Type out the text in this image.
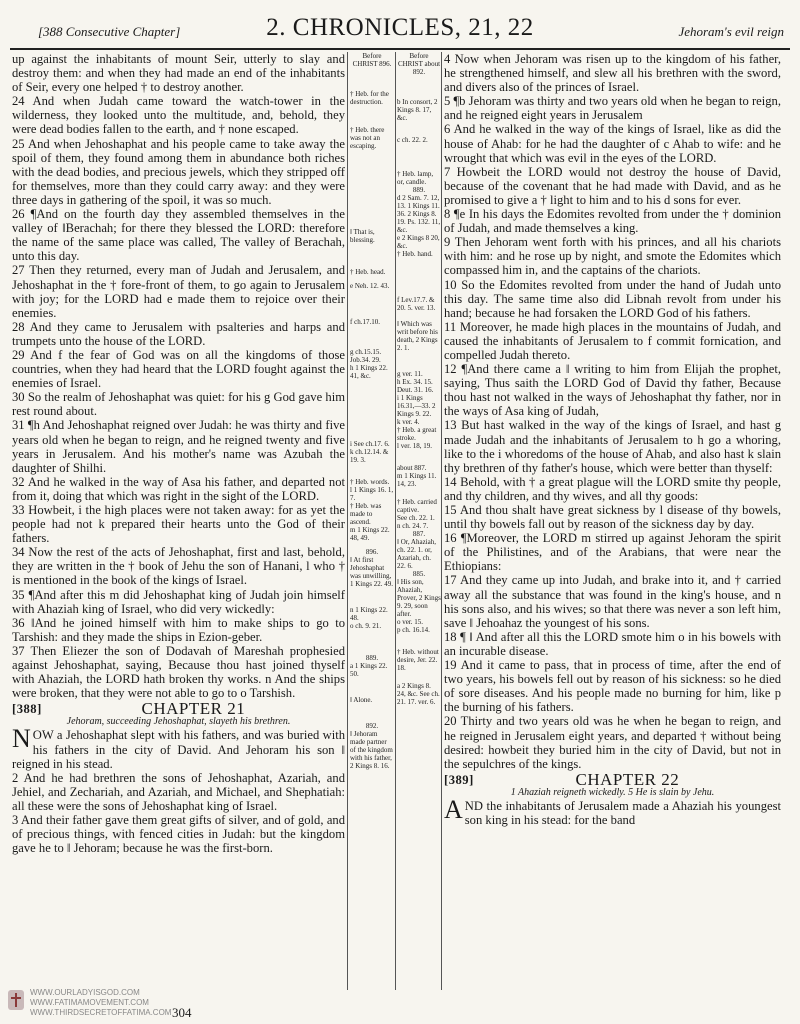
[388 Consecutive Chapter]	2. CHRONICLES, 21, 22	Jehoram's evil reign

up against the inhabitants of mount Seir, utterly to slay and destroy them: and when they had made an end of the inhabitants of Seir, every one helped † to destroy another.

24 And when Judah came toward the watch-tower in the wilderness, they looked unto the multitude, and, behold, they were dead bodies fallen to the earth, and † none escaped.

25 And when Jehoshaphat and his people came to take away the spoil of them, they found among them in abundance both riches with the dead bodies, and precious jewels, which they stripped off for themselves, more than they could carry away: and they were three days in gathering of the spoil, it was so much.

26 ¶And on the fourth day they assembled themselves in the valley of ‖Berachah; for there they blessed the LORD: therefore the name of the same place was called, The valley of Berachah, unto this day.

27 Then they returned, every man of Judah and Jerusalem, and Jehoshaphat in the † fore-front of them, to go again to Jerusalem with joy; for the LORD had e made them to rejoice over their enemies.

28 And they came to Jerusalem with psalteries and harps and trumpets unto the house of the LORD.

29 And f the fear of God was on all the kingdoms of those countries, when they had heard that the LORD fought against the enemies of Israel.

30 So the realm of Jehoshaphat was quiet: for his g God gave him rest round about.

31 ¶h And Jehoshaphat reigned over Judah: he was thirty and five years old when he began to reign, and he reigned twenty and five years in Jerusalem. And his mother's name was Azubah the daughter of Shilhi.

32 And he walked in the way of Asa his father, and departed not from it, doing that which was right in the sight of the LORD.

33 Howbeit, i the high places were not taken away: for as yet the people had not k prepared their hearts unto the God of their fathers.

34 Now the rest of the acts of Jehoshaphat, first and last, behold, they are written in the † book of Jehu the son of Hanani, l who † is mentioned in the book of the kings of Israel.

35 ¶And after this m did Jehoshaphat king of Judah join himself with Ahaziah king of Israel, who did very wickedly:

36 ‖And he joined himself with him to make ships to go to Tarshish: and they made the ships in Ezion-geber.

37 Then Eliezer the son of Dodavah of Mareshah prophesied against Jehoshaphat, saying, Because thou hast joined thyself with Ahaziah, the LORD hath broken thy works. n And the ships were broken, that they were not able to go to o Tarshish.

[388]	CHAPTER 21
Jehoram, succeeding Jehoshaphat, slayeth his brethren.

NOW a Jehoshaphat slept with his fathers, and was buried with his fathers in the city of David. And Jehoram his son ‖ reigned in his stead.

2 And he had brethren the sons of Jehoshaphat, Azariah, and Jehiel, and Zechariah, and Azariah, and Michael, and Shephatiah: all these were the sons of Jehoshaphat king of Israel.

3 And their father gave them great gifts of silver, and of gold, and of precious things, with fenced cities in Judah: but the kingdom gave he to ‖ Jehoram; because he was the first-born.

Before CHRIST 896.
† Heb. for the destruction.
† Heb. there was not an escaping.
‖ That is, blessing.
† Heb. head.
e Neh. 12. 43.
f ch.17.10.
g ch.15.15. Job.34. 29.
h 1 Kings 22. 41, &c.
i See ch.17. 6.
k ch.12.14. & 19. 3.
† Heb. words.
l 1 Kings 16. 1, 7.
† Heb. was made to ascend.
m 1 Kings 22. 48, 49.
896.
‖ At first Jehoshaphat was unwilling, 1 Kings 22. 49.
n 1 Kings 22. 48.
o ch. 9. 21.
889.
a 1 Kings 22. 50.
‖ Alone.
892.
‖ Jehoram made partner of the kingdom with his father, 2 Kings 8. 16.
Before CHRIST about 892.
b In consort, 2 Kings 8. 17, &c.
c ch. 22. 2.
† Heb. lamp, or, candle.
889.
d 2 Sam. 7. 12, 13. 1 Kings 11. 36. 2 Kings 8. 19. Ps. 132. 11, &c.
e 2 Kings 8 20, &c.
† Heb. hand.
f Lev.17.7. & 20. 5. ver. 13.
‖ Which was writ before his death, 2 Kings 2. 1.
g ver. 11.
h Ex. 34. 15. Deut. 31. 16.
i 1 Kings 16.31,—33. 2 Kings 9. 22.
k ver. 4.
† Heb. a great stroke.
l ver. 18, 19.
about 887.
m 1 Kings 11. 14, 23.
† Heb. carried captive.
See ch. 22. 1.
n ch. 24. 7.
887.
‖ Or, Ahaziah, ch. 22. 1. or, Azariah, ch. 22. 6.
885.
‖ His son, Ahaziah, Prover, 2 Kings 9. 29, soon after.
o ver. 15.
p ch. 16.14.
† Heb. without desire, Jer. 22. 18.
a 2 Kings 8. 24, &c. See ch. 21. 17. ver. 6.

4 Now when Jehoram was risen up to the kingdom of his father, he strengthened himself, and slew all his brethren with the sword, and divers also of the princes of Israel.

5 ¶b Jehoram was thirty and two years old when he began to reign, and he reigned eight years in Jerusalem

6 And he walked in the way of the kings of Israel, like as did the house of Ahab: for he had the daughter of c Ahab to wife: and he wrought that which was evil in the eyes of the LORD.

7 Howbeit the LORD would not destroy the house of David, because of the covenant that he had made with David, and as he promised to give a † light to him and to his d sons for ever.

8 ¶e In his days the Edomites revolted from under the † dominion of Judah, and made themselves a king.

9 Then Jehoram went forth with his princes, and all his chariots with him: and he rose up by night, and smote the Edomites which compassed him in, and the captains of the chariots.

10 So the Edomites revolted from under the hand of Judah unto this day. The same time also did Libnah revolt from under his hand; because he had forsaken the LORD God of his fathers.

11 Moreover, he made high places in the mountains of Judah, and caused the inhabitants of Jerusalem to f commit fornication, and compelled Judah thereto.

12 ¶And there came a ‖ writing to him from Elijah the prophet, saying, Thus saith the LORD God of David thy father, Because thou hast not walked in the ways of Jehoshaphat thy father, nor in the ways of Asa king of Judah,

13 But hast walked in the way of the kings of Israel, and hast g made Judah and the inhabitants of Jerusalem to h go a whoring, like to the i whoredoms of the house of Ahab, and also hast k slain thy brethren of thy father's house, which were better than thyself:

14 Behold, with † a great plague will the LORD smite thy people, and thy children, and thy wives, and all thy goods:

15 And thou shalt have great sickness by l disease of thy bowels, until thy bowels fall out by reason of the sickness day by day.

16 ¶Moreover, the LORD m stirred up against Jehoram the spirit of the Philistines, and of the Arabians, that were near the Ethiopians:

17 And they came up into Judah, and brake into it, and † carried away all the substance that was found in the king's house, and n his sons also, and his wives; so that there was never a son left him, save ‖ Jehoahaz the youngest of his sons.

18 ¶ ‖ And after all this the LORD smote him o in his bowels with an incurable disease.

19 And it came to pass, that in process of time, after the end of two years, his bowels fell out by reason of his sickness: so he died of sore diseases. And his people made no burning for him, like p the burning of his fathers.

20 Thirty and two years old was he when he began to reign, and he reigned in Jerusalem eight years, and departed † without being desired: howbeit they buried him in the city of David, but not in the sepulchres of the kings.

[389]	CHAPTER 22
1 Ahaziah reigneth wickedly. 5 He is slain by Jehu.

AND the inhabitants of Jerusalem made a Ahaziah his youngest son king in his stead: for the band

WWW.OURLADYISGOD.COM
WWW.FATIMAMOVEMENT.COM
WWW.THIRDSECRETOFFATIMA.COM 304
